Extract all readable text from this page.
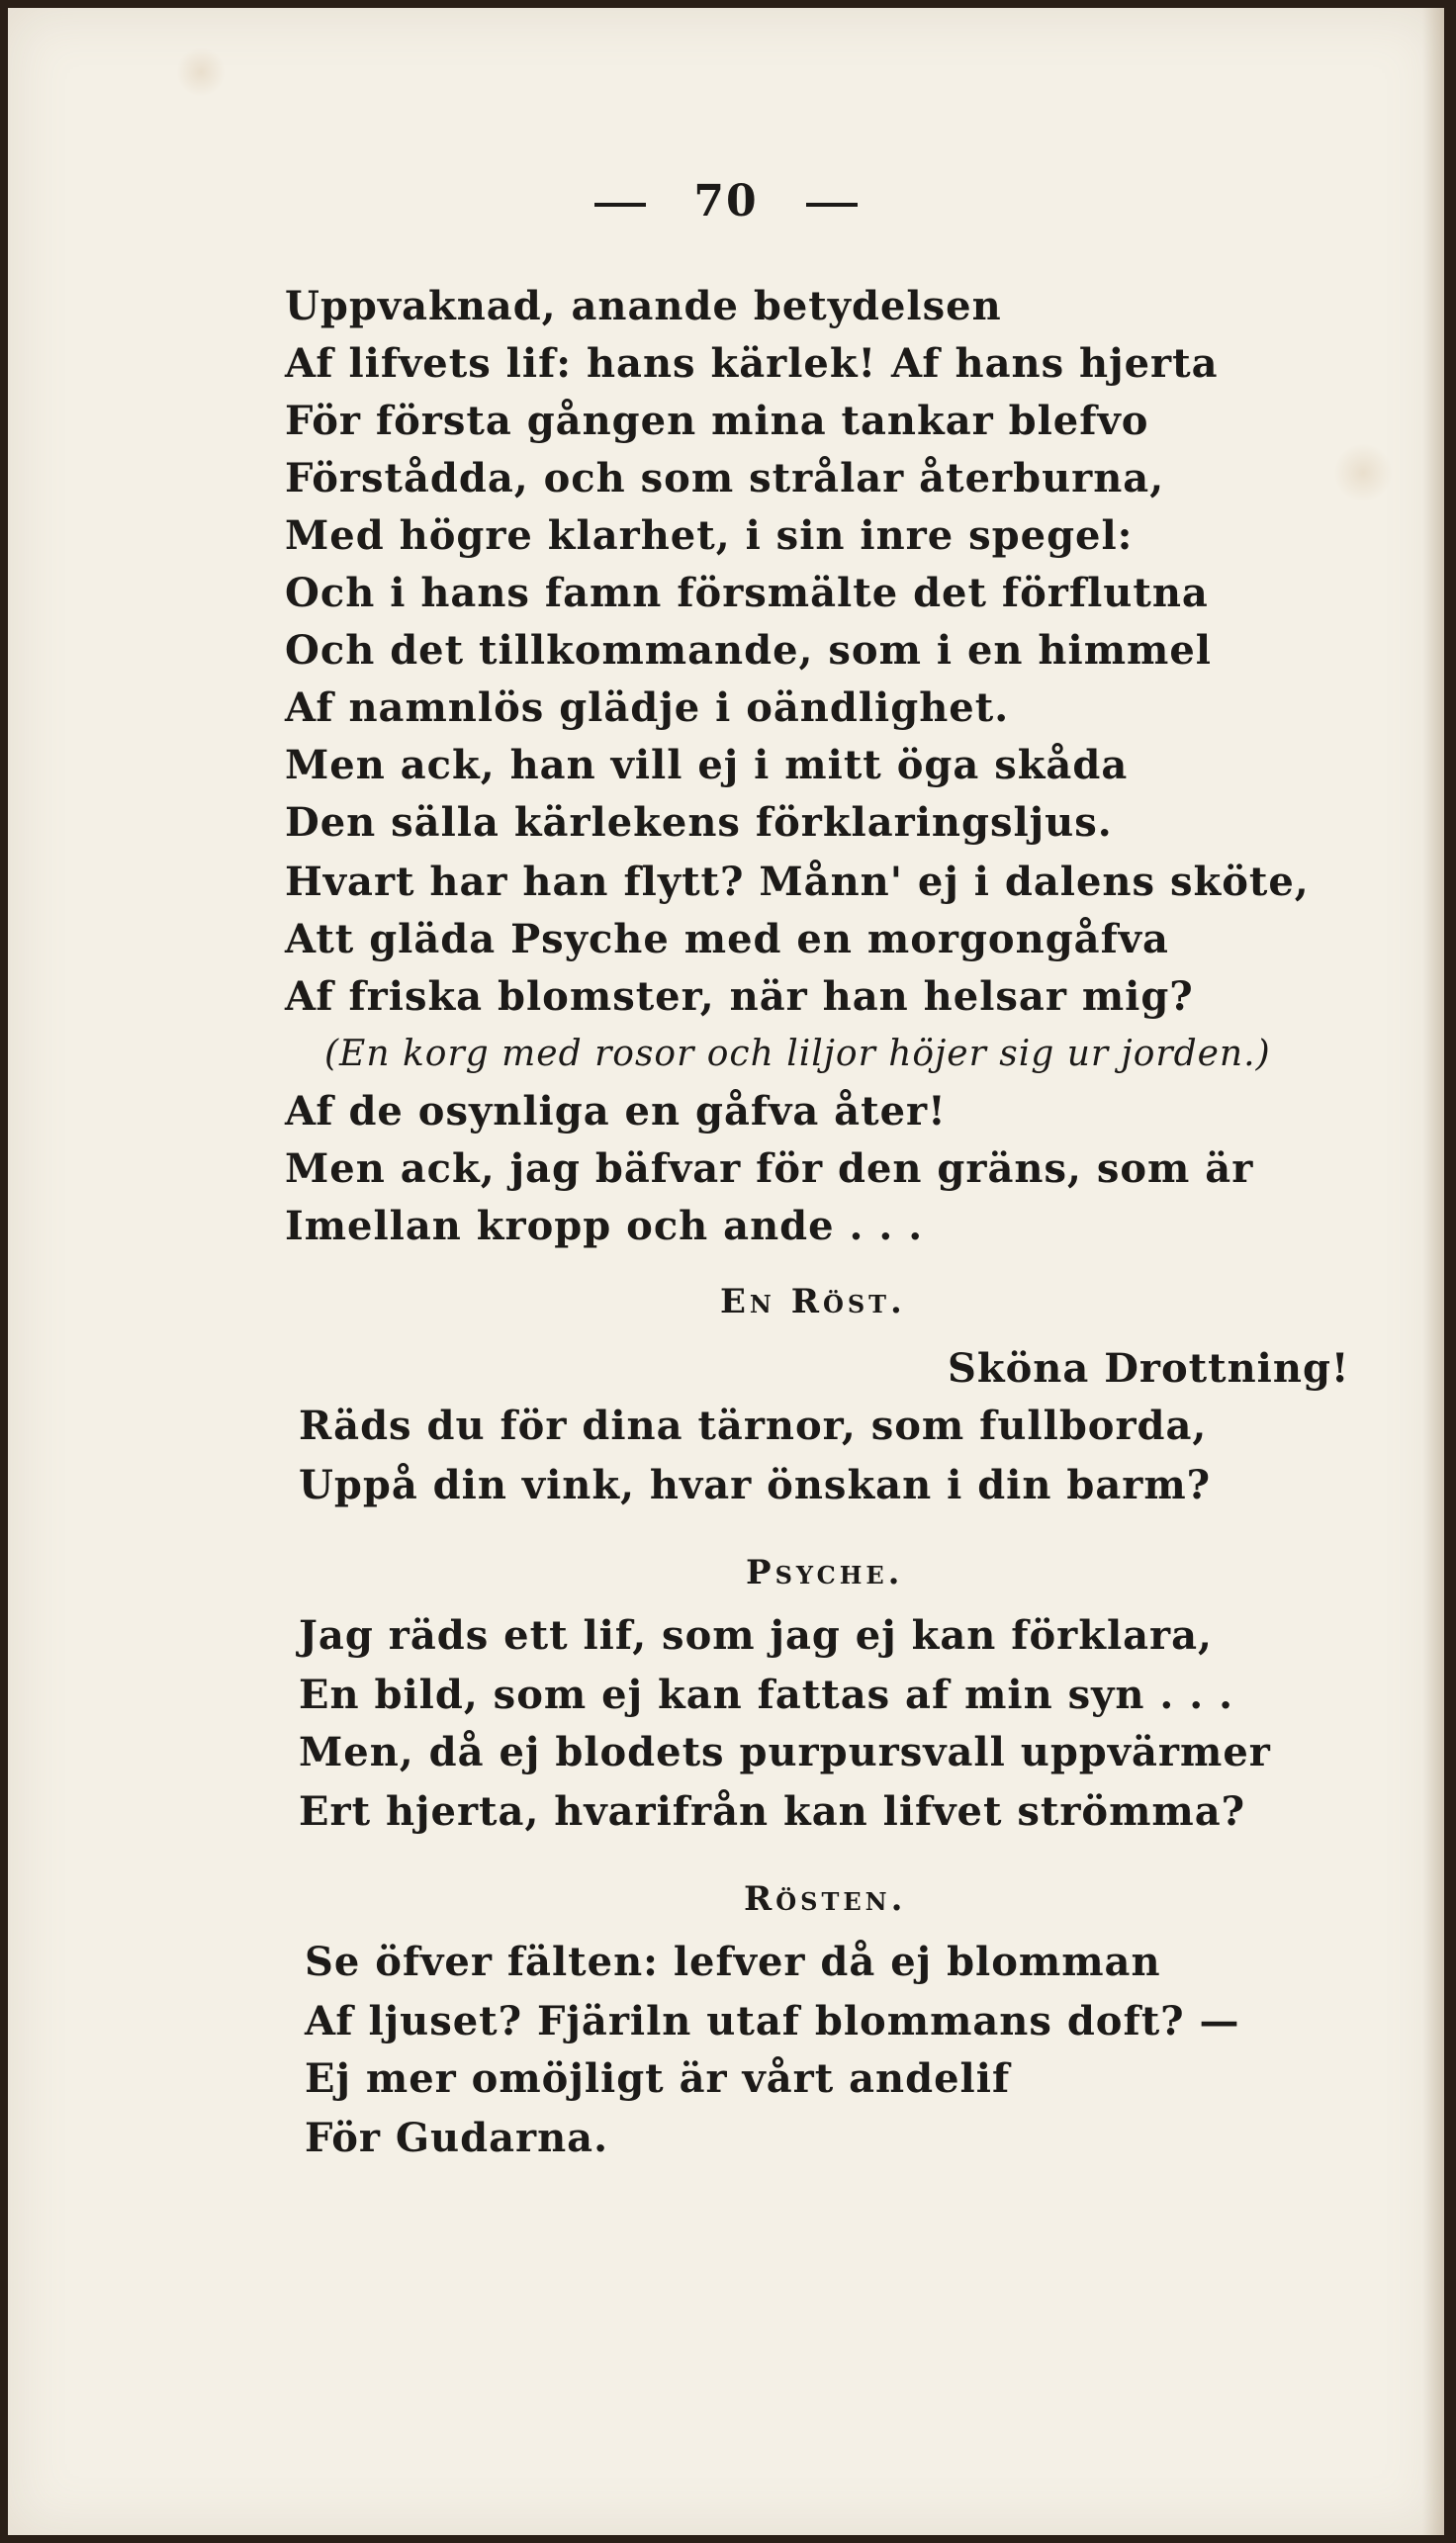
70
Uppvaknad, anande betydelsen
Af lifvets lif: hans kärlek! Af hans hjerta
För första gången mina tankar blefvo
Förstådda, och som strålar återburna,
Med högre klarhet, i sin inre spegel:
Och i hans famn försmälte det förflutna
Och det tillkommande, som i en himmel
Af namnlös glädje i oändlighet.
Men ack, han vill ej i mitt öga skåda
Den sälla kärlekens förklaringsljus.
Hvart har han flytt? Månn' ej i dalens sköte,
Att gläda Psyche med en morgongåfva
Af friska blomster, när han helsar mig?
(En korg med rosor och liljor höjer sig ur jorden.)
Af de osynliga en gåfva åter!
Men ack, jag bäfvar för den gräns, som är
Imellan kropp och ande . . .
En Röst.
Sköna Drottning!
Räds du för dina tärnor, som fullborda,
Uppå din vink, hvar önskan i din barm?
Psyche.
Jag räds ett lif, som jag ej kan förklara,
En bild, som ej kan fattas af min syn . . .
Men, då ej blodets purpursvall uppvärmer
Ert hjerta, hvarifrån kan lifvet strömma?
Rösten.
Se öfver fälten: lefver då ej blomman
Af ljuset? Fjäriln utaf blommans doft? —
Ej mer omöjligt är vårt andelif
För Gudarna.
